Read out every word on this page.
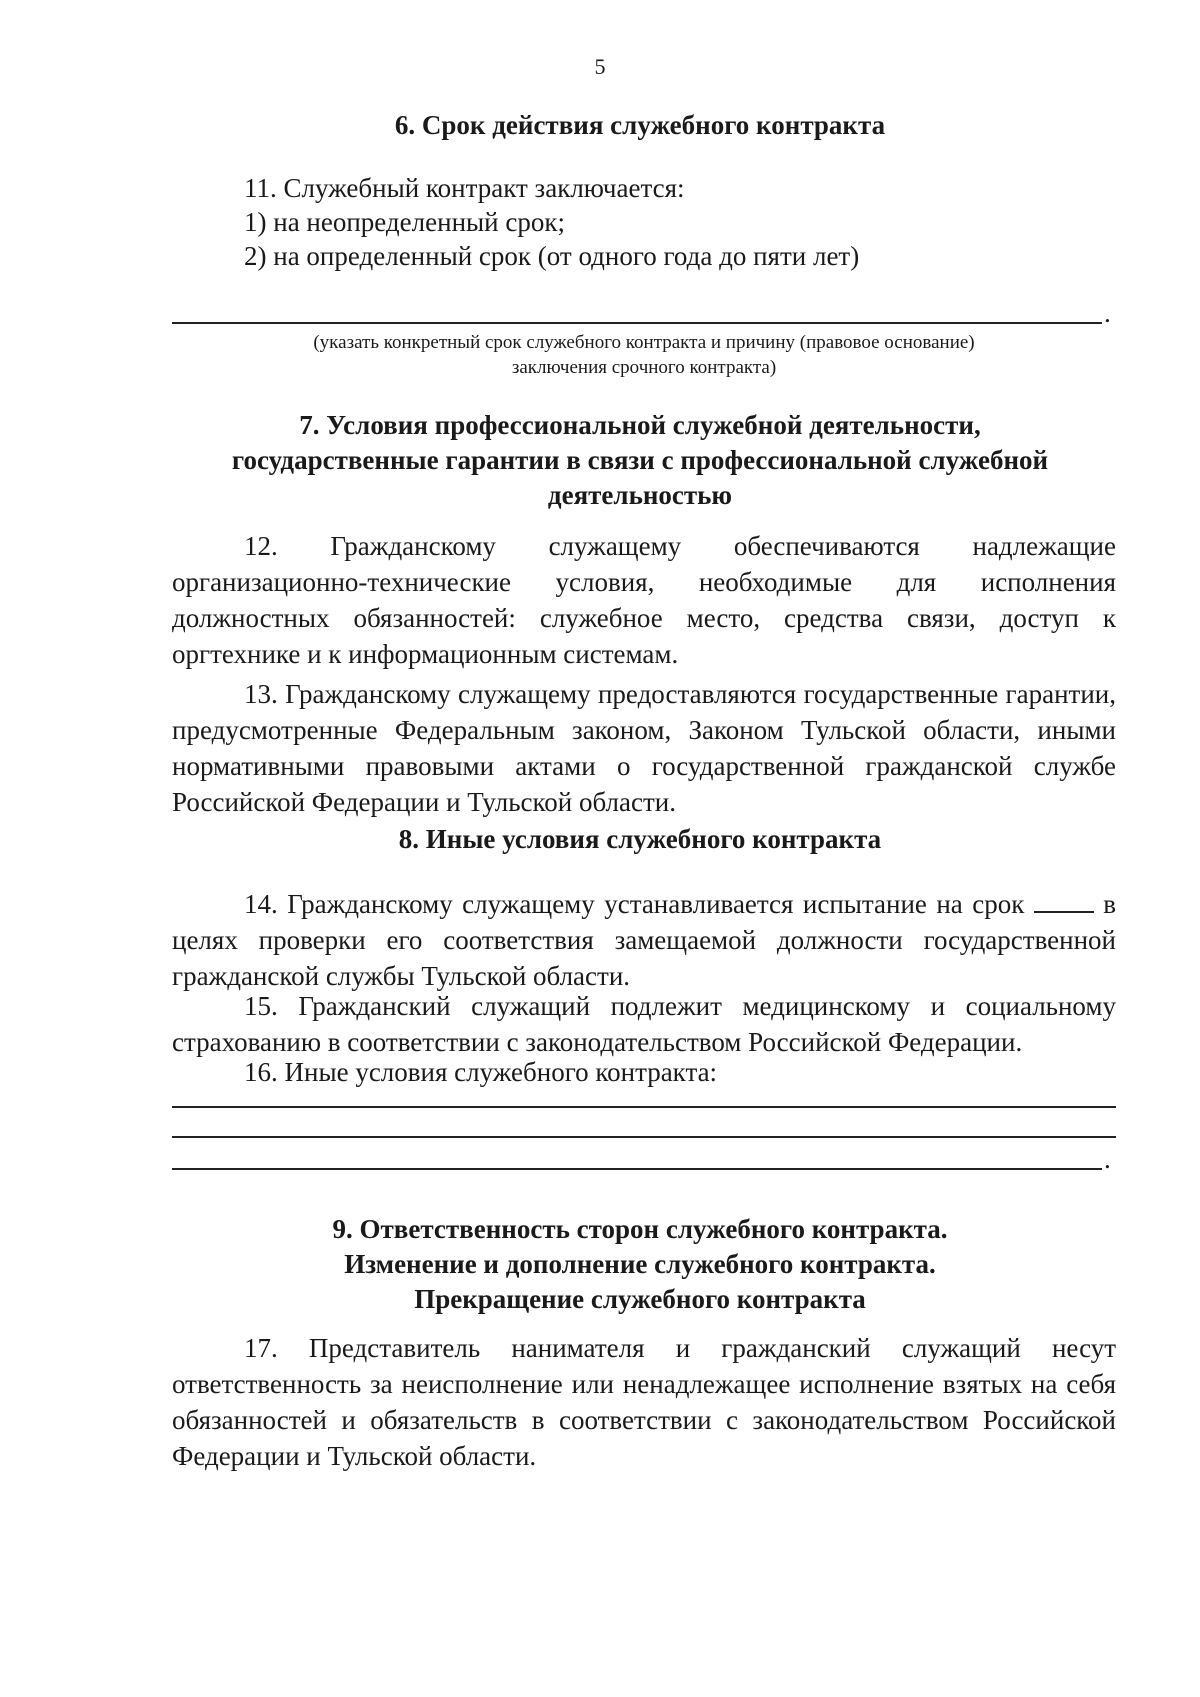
5
6. Срок действия служебного контракта

11. Служебный контракт заключается:

1) на неопределенный срок;

2) на определенный срок (от одного года до пяти лет)

.

(указать конкретный срок служебного контракта и причину (правовое основание)

заключения срочного контракта)

7. Условия профессиональной служебной деятельности,
государственные гарантии в связи с профессиональной служебной
деятельностью

12. Гражданскому служащему обеспечиваются надлежащие организационно-технические условия, необходимые для исполнения должностных обязанностей: служебное место, средства связи, доступ к оргтехнике и к информационным системам.

13. Гражданскому служащему предоставляются государственные гарантии, предусмотренные Федеральным законом, Законом Тульской области, иными нормативными правовыми актами о государственной гражданской службе Российской Федерации и Тульской области.

8. Иные условия служебного контракта

14. Гражданскому служащему устанавливается испытание на срок	в целях проверки его соответствия замещаемой должности государственной гражданской службы Тульской области.

15. Гражданский служащий подлежит медицинскому и социальному страхованию в соответствии с законодательством Российской Федерации.

16. Иные условия служебного контракта:

.
9. Ответственность сторон служебного контракта.
Изменение и дополнение служебного контракта.
Прекращение служебного контракта

17. Представитель нанимателя и гражданский служащий несут ответственность за неисполнение или ненадлежащее исполнение взятых на себя обязанностей и обязательств в соответствии с законодательством Российской Федерации и Тульской области.
